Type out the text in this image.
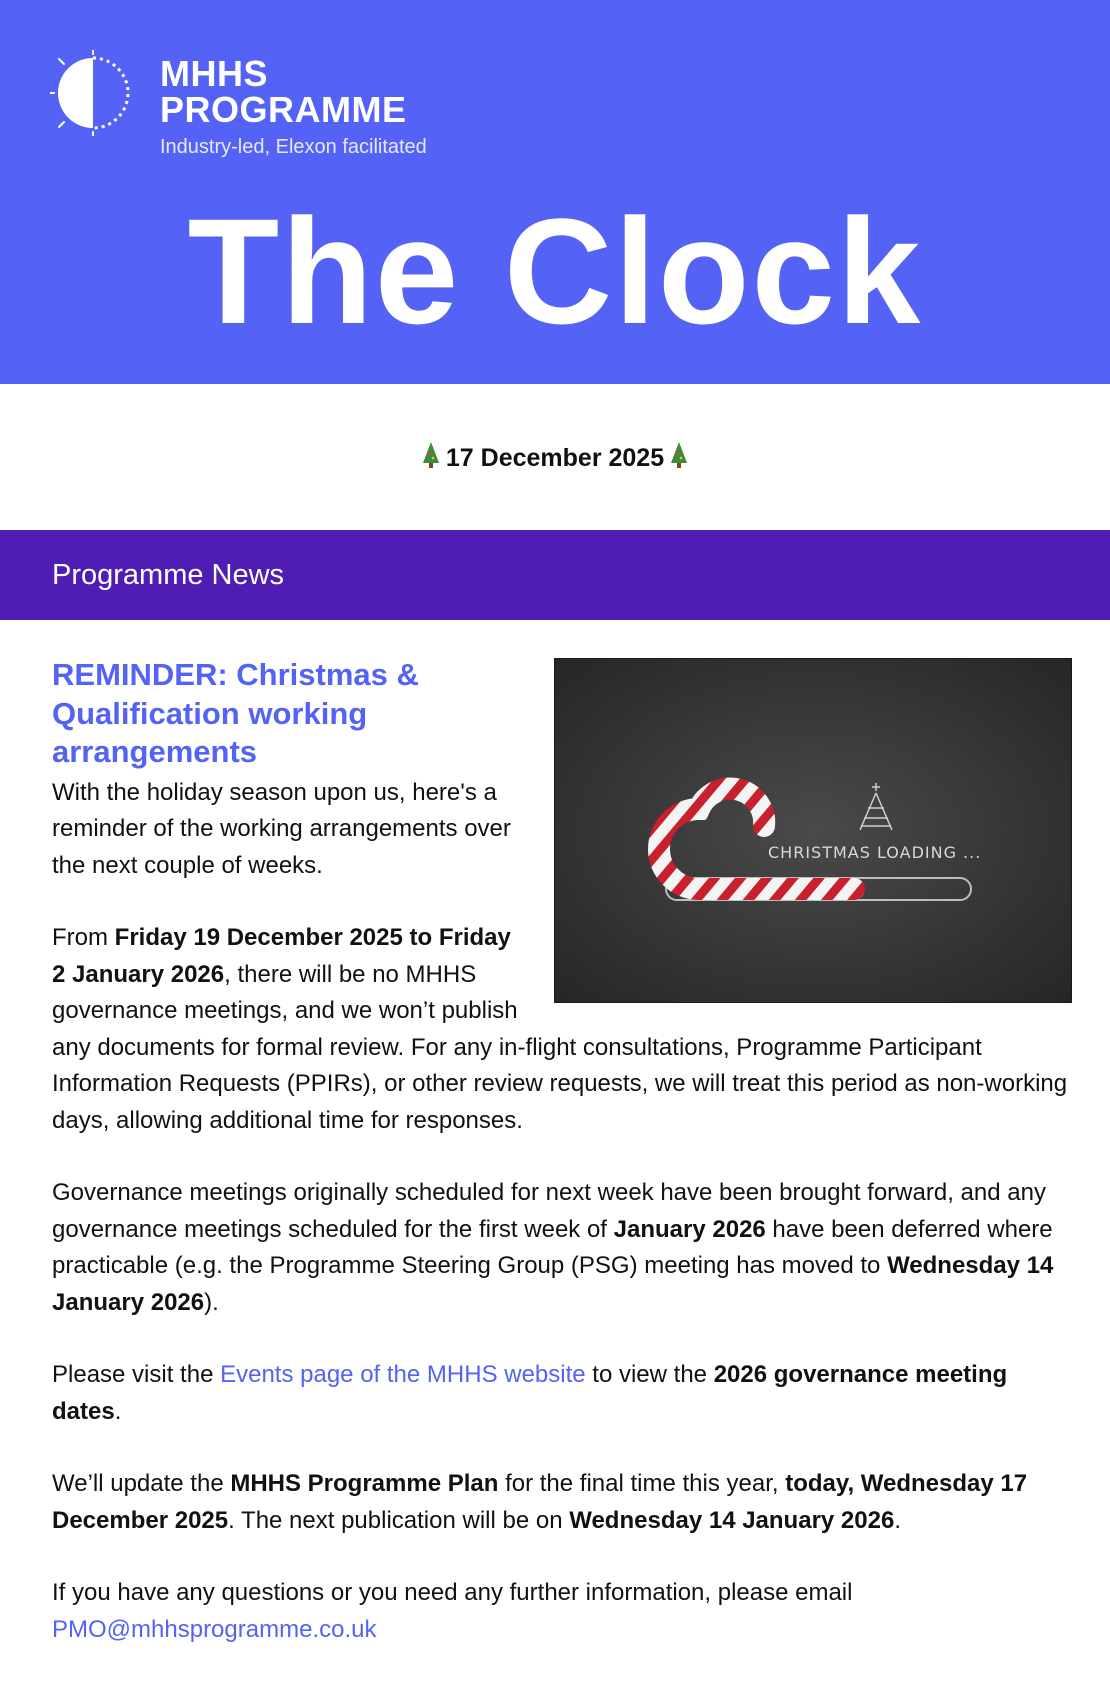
MHHS
PROGRAMME
Industry-led, Elexon facilitated
The Clock
17 December 2025
Programme News
CHRISTMAS LOADING ...
REMINDER: Christmas & Qualification working arrangements

With the holiday season upon us, here's a reminder of the working arrangements over the next couple of weeks.

From Friday 19 December 2025 to Friday 2 January 2026, there will be no MHHS governance meetings, and we won’t publish any documents for formal review. For any in-flight consultations, Programme Participant Information Requests (PPIRs), or other review requests, we will treat this period as non-working days, allowing additional time for responses.

Governance meetings originally scheduled for next week have been brought forward, and any governance meetings scheduled for the first week of January 2026 have been deferred where practicable (e.g. the Programme Steering Group (PSG) meeting has moved to Wednesday 14 January 2026).

Please visit the Events page of the MHHS website to view the 2026 governance meeting dates.

We’ll update the MHHS Programme Plan for the final time this year, today, Wednesday 17 December 2025. The next publication will be on Wednesday 14 January 2026.

If you have any questions or you need any further information, please email PMO@mhhsprogramme.co.uk
